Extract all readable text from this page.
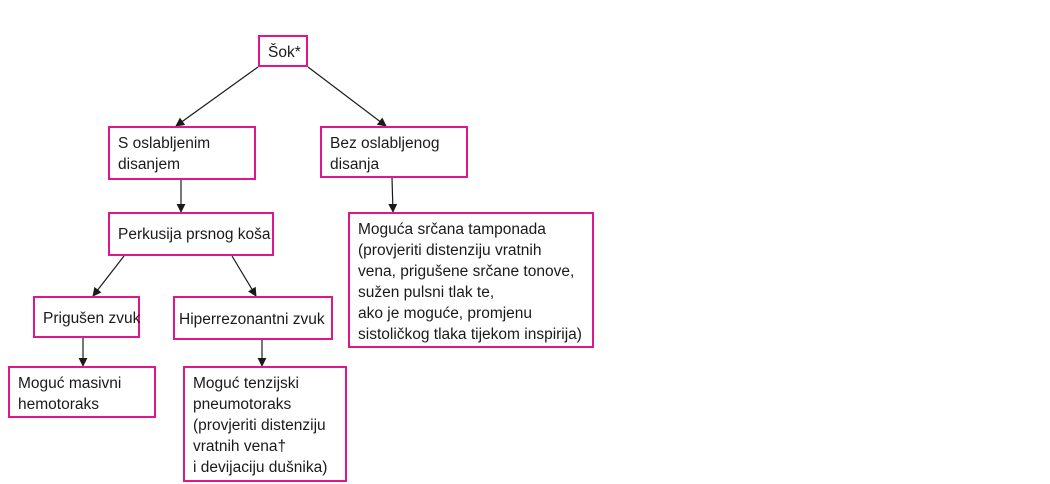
Šok*
S oslabljenim
disanjem
Bez oslabljenog
disanja
Perkusija prsnog koša	Moguća srčana tamponada
(provjeriti distenziju vratnih
vena, prigušene srčane tonove,
sužen pulsni tlak te,
ako je moguće, promjenu
sistoličkog tlaka tijekom inspirija)
Prigušen zvuk Hiperrezonantni zvuk
Moguć masivni
hemotoraks
Moguć tenzijski
pneumotoraks
(provjeriti distenziju
vratnih vena†
i devijaciju dušnika)
